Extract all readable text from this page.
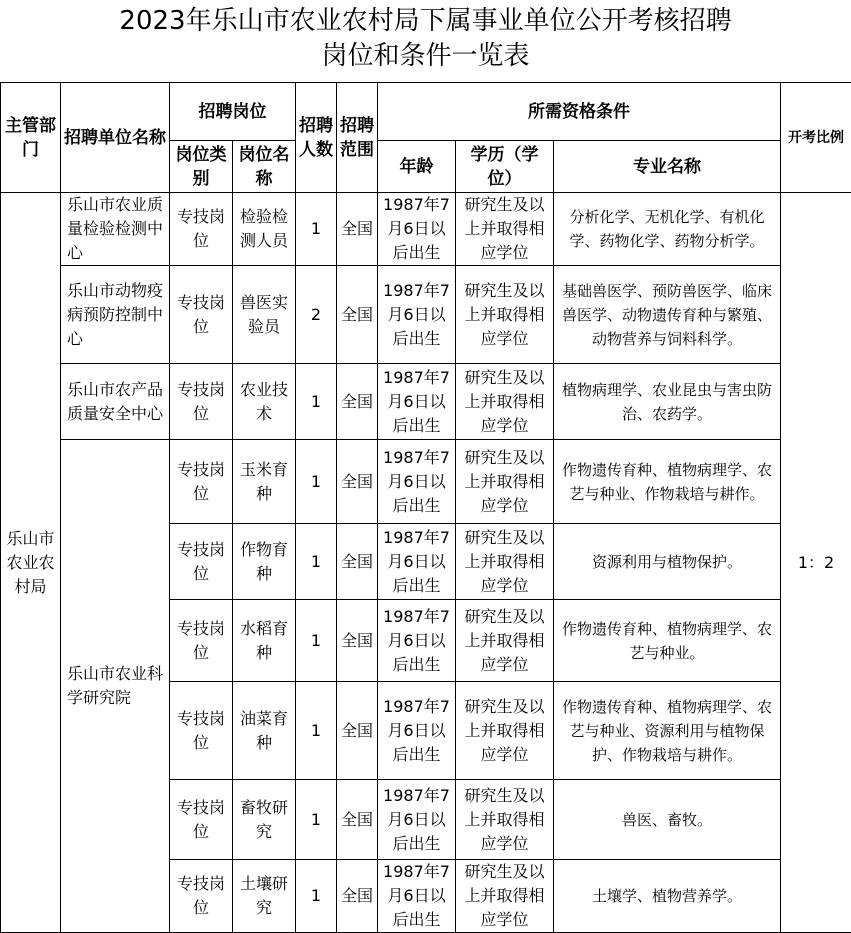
2023年乐山市农业农村局下属事业单位公开考核招聘
岗位和条件一览表
主管部门	招聘单位名称	招聘岗位		招聘人数	招聘范围	所需资格条件			开考比例
		岗位类别	岗位名称			年龄	学历（学位）	专业名称	
乐山市农业农村局	乐山市农业质量检验检测中心	专技岗位	检验检测人员	1	全国	1987年7月6日以后出生	研究生及以上并取得相应学位	分析化学、无机化学、有机化学、药物化学、药物分析学。	1：2
	乐山市动物疫病预防控制中心	专技岗位	兽医实验员	2	全国	1987年7月6日以后出生	研究生及以上并取得相应学位	基础兽医学、预防兽医学、临床兽医学、动物遗传育种与繁殖、动物营养与饲料科学。	
	乐山市农产品质量安全中心	专技岗位	农业技术	1	全国	1987年7月6日以后出生	研究生及以上并取得相应学位	植物病理学、农业昆虫与害虫防治、农药学。	
	乐山市农业科学研究院	专技岗位	玉米育种	1	全国	1987年7月6日以后出生	研究生及以上并取得相应学位	作物遗传育种、植物病理学、农艺与种业、作物栽培与耕作。	
		专技岗位	作物育种	1	全国	1987年7月6日以后出生	研究生及以上并取得相应学位	资源利用与植物保护。	
		专技岗位	水稻育种	1	全国	1987年7月6日以后出生	研究生及以上并取得相应学位	作物遗传育种、植物病理学、农艺与种业。	
		专技岗位	油菜育种	1	全国	1987年7月6日以后出生	研究生及以上并取得相应学位	作物遗传育种、植物病理学、农艺与种业、资源利用与植物保护、作物栽培与耕作。	
		专技岗位	畜牧研究	1	全国	1987年7月6日以后出生	研究生及以上并取得相应学位	兽医、畜牧。	
		专技岗位	土壤研究	1	全国	1987年7月6日以后出生	研究生及以上并取得相应学位	土壤学、植物营养学。	
